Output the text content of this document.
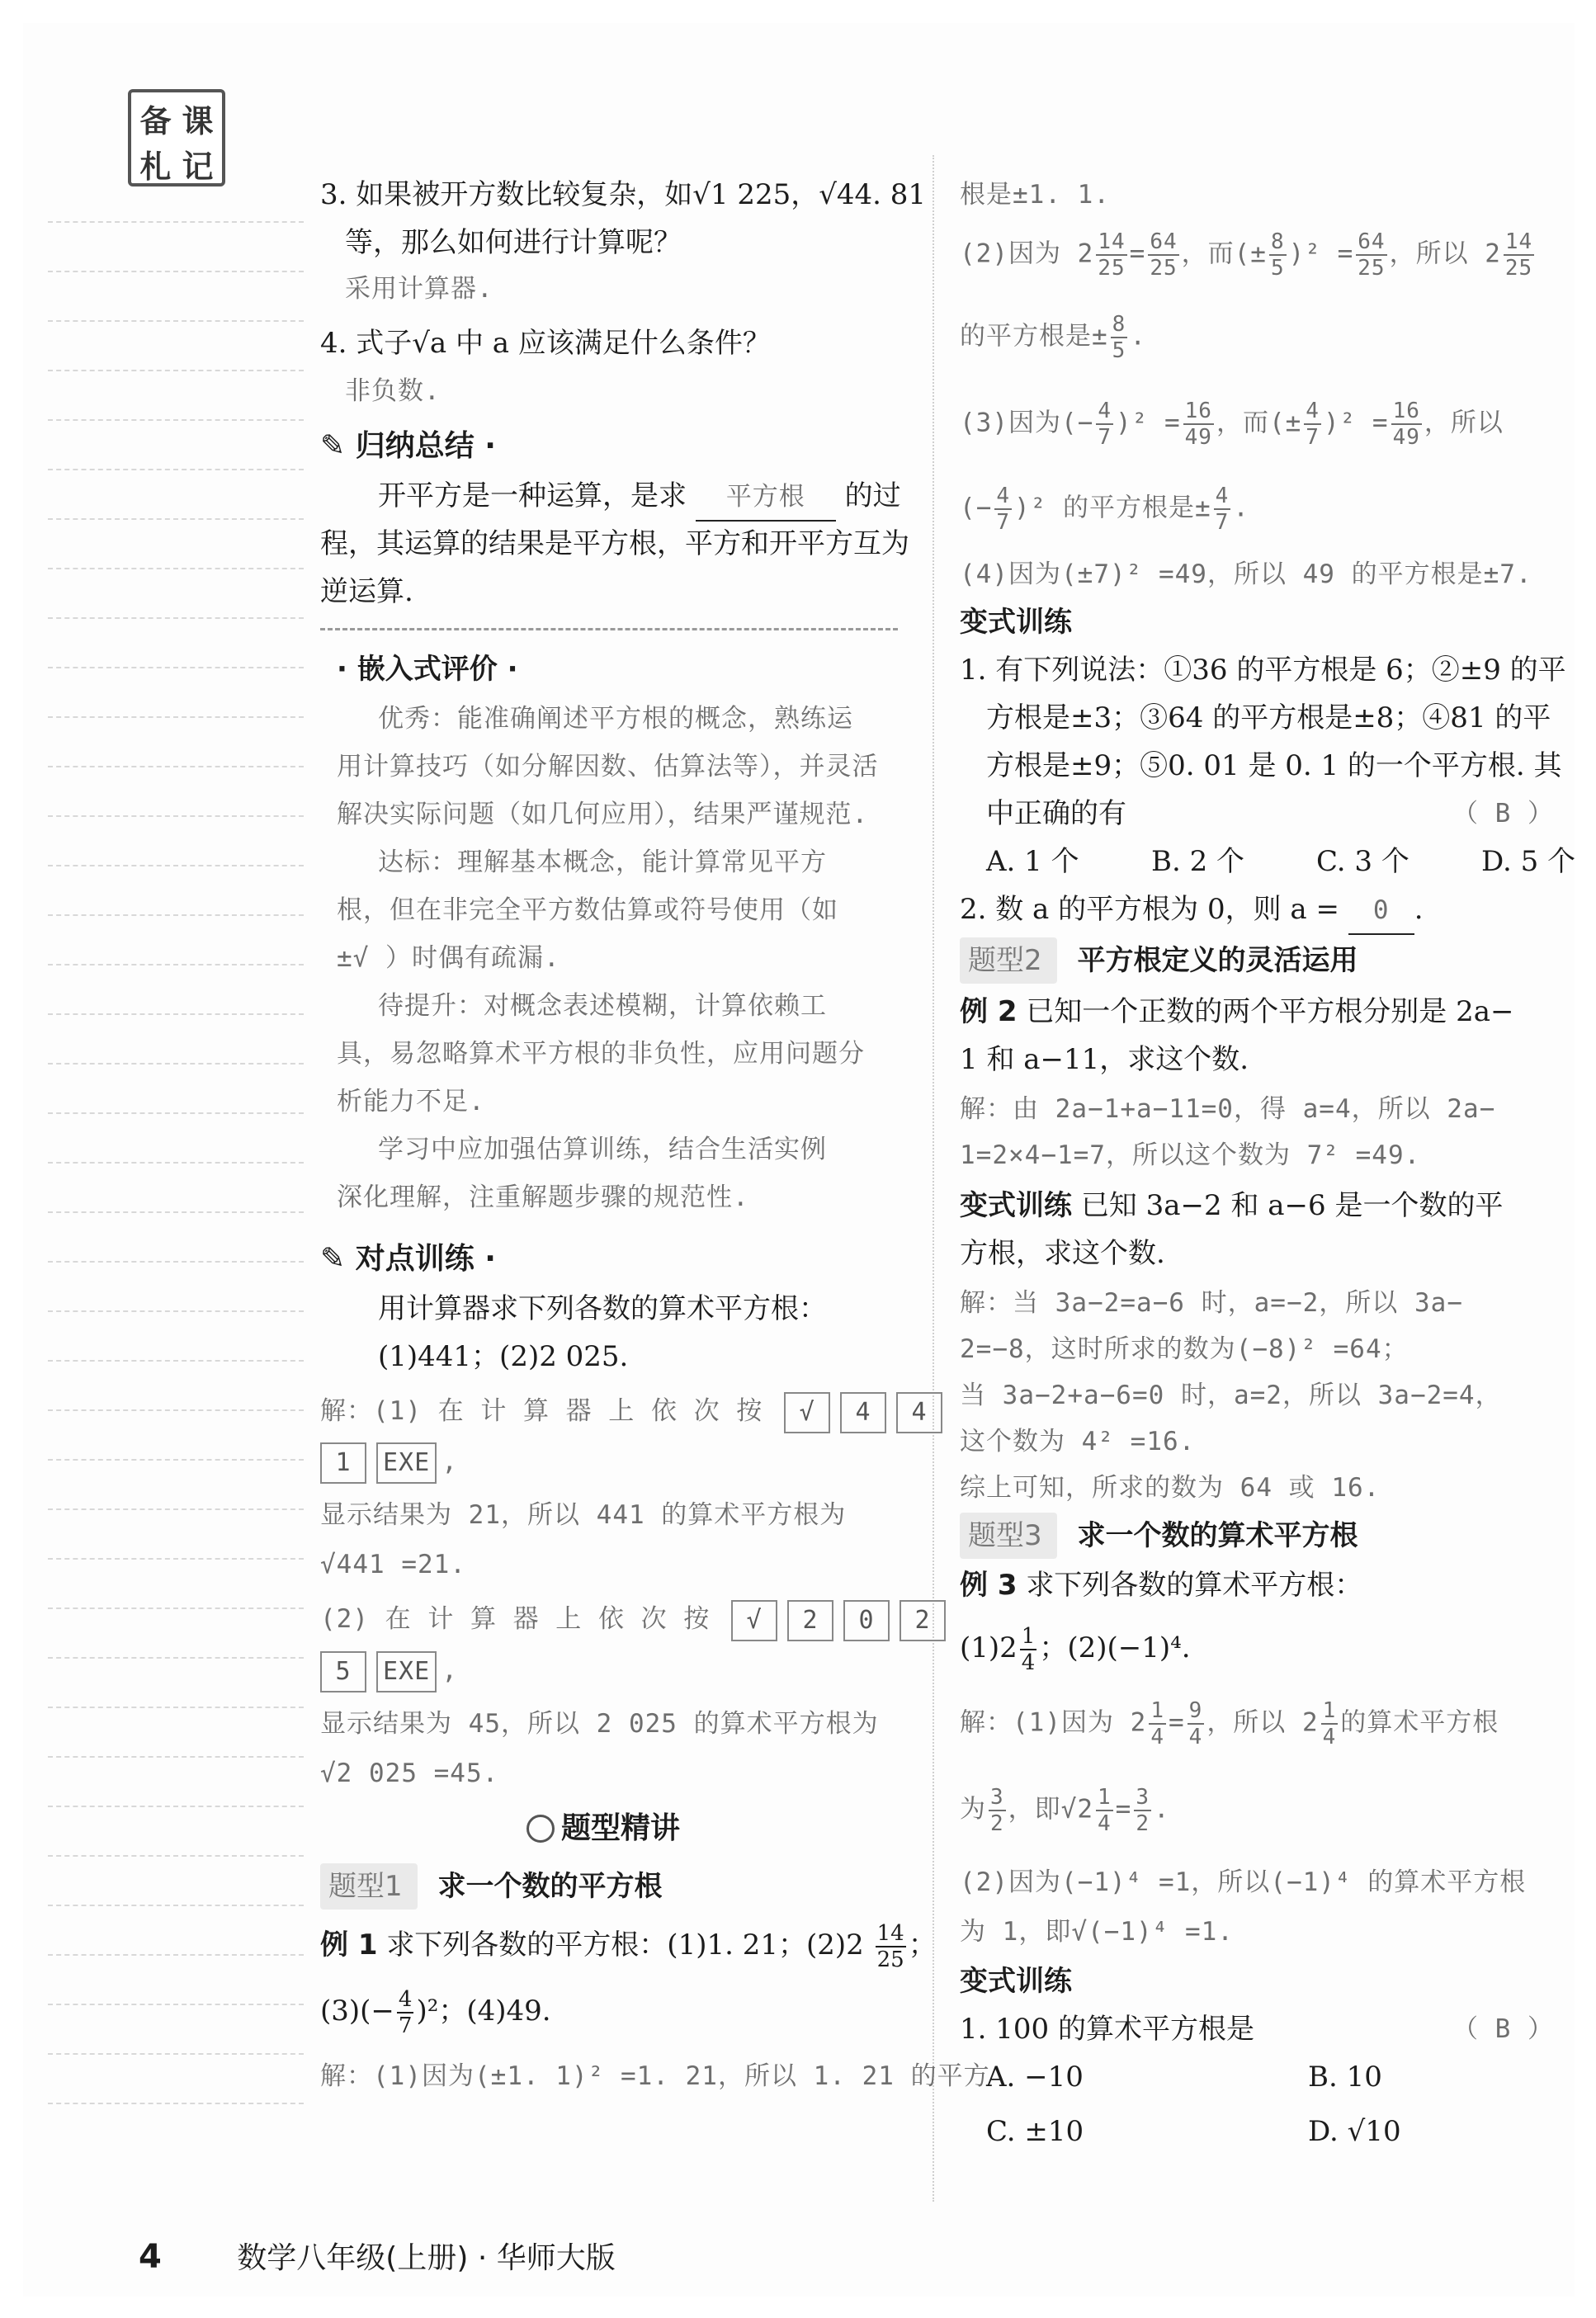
备 课
札 记
3. 如果被开方数比较复杂，如√1 225，√44. 81
等，那么如何进行计算呢？
采用计算器.
4. 式子√a 中 a 应该满足什么条件？
非负数.
✎ 归纳总结 ·
开平方是一种运算，是求 平方根 的过
程，其运算的结果是平方根，平方和开平方互为
逆运算.
· 嵌入式评价 ·
优秀：能准确阐述平方根的概念，熟练运
用计算技巧（如分解因数、估算法等），并灵活
解决实际问题（如几何应用），结果严谨规范.
达标：理解基本概念，能计算常见平方
根，但在非完全平方数估算或符号使用（如
±√ ）时偶有疏漏.
待提升：对概念表述模糊，计算依赖工
具，易忽略算术平方根的非负性，应用问题分
析能力不足.
学习中应加强估算训练，结合生活实例
深化理解，注重解题步骤的规范性.
✎ 对点训练 ·
用计算器求下列各数的算术平方根：
(1)441；(2)2 025.
解：(1) 在 计 算 器 上 依 次 按 √ 4 4
1 EXE ,
显示结果为 21，所以 441 的算术平方根为
√441 =21.
(2) 在 计 算 器 上 依 次 按 √ 2 0 2
5 EXE ,
显示结果为 45，所以 2 025 的算术平方根为
√2 025 =45.
题型精讲
题型1 求一个数的平方根
例 1 求下列各数的平方根：(1)1. 21；$(2)2 \frac{14}{25}$ ；
$(3)(- \frac{4}{7} )^2$；(4)49.
解：(1)因为(±1. 1)² =1. 21，所以 1. 21 的平方
根是±1. 1.
(2)因为 $2 \frac{14}{25} = \frac{64}{25}$ ，而(± $\frac{8}{5} )^2 = \frac{64}{25}$ ，所以 $2 \frac{14}{25}$
的平方根是± $\frac{8}{5}$ .
(3)因为(− $\frac{4}{7} )^2 = \frac{16}{49}$ ，而(± $\frac{4}{7} )^2 = \frac{16}{49}$ ，所以
(− $\frac{4}{7} )^2$ 的平方根是± $\frac{4}{7}$ .
(4)因为(±7)² =49，所以 49 的平方根是±7.
变式训练
1. 有下列说法：①36 的平方根是 6；②±9 的平
方根是±3；③64 的平方根是±8；④81 的平
方根是±9；⑤0. 01 是 0. 1 的一个平方根. 其
中正确的有	（ B ）
A. 1 个	B. 2 个	C. 3 个	D. 5 个
2. 数 a 的平方根为 0，则 a = 0 .
题型2 平方根定义的灵活运用
例 2 已知一个正数的两个平方根分别是 2a−
1 和 a−11，求这个数.
解：由 2a−1+a−11=0，得 a=4，所以 2a−
1=2×4−1=7，所以这个数为 7² =49.
变式训练 已知 3a−2 和 a−6 是一个数的平
方根，求这个数.
解：当 3a−2=a−6 时，a=−2，所以 3a−
2=−8，这时所求的数为(−8)² =64；
当 3a−2+a−6=0 时，a=2，所以 3a−2=4，
这个数为 4² =16.
综上可知，所求的数为 64 或 16.
题型3 求一个数的算术平方根
例 3 求下列各数的算术平方根：
$(1)2 \frac{1}{4}$ ；(2)(−1)⁴.
解：(1)因为 $2 \frac{1}{4} = \frac{9}{4}$ ，所以 $2 \frac{1}{4}$ 的算术平方根
为 $\frac{3}{2}$ ，即$√2 \frac{1}{4} = \frac{3}{2}$ .
(2)因为(−1)⁴ =1，所以(−1)⁴ 的算术平方根
为 1，即√(−1)⁴ =1.
变式训练
1. 100 的算术平方根是	（ B ）
A. −10	B. 10
C. ±10	D. √10
4	数学八年级(上册) · 华师大版
